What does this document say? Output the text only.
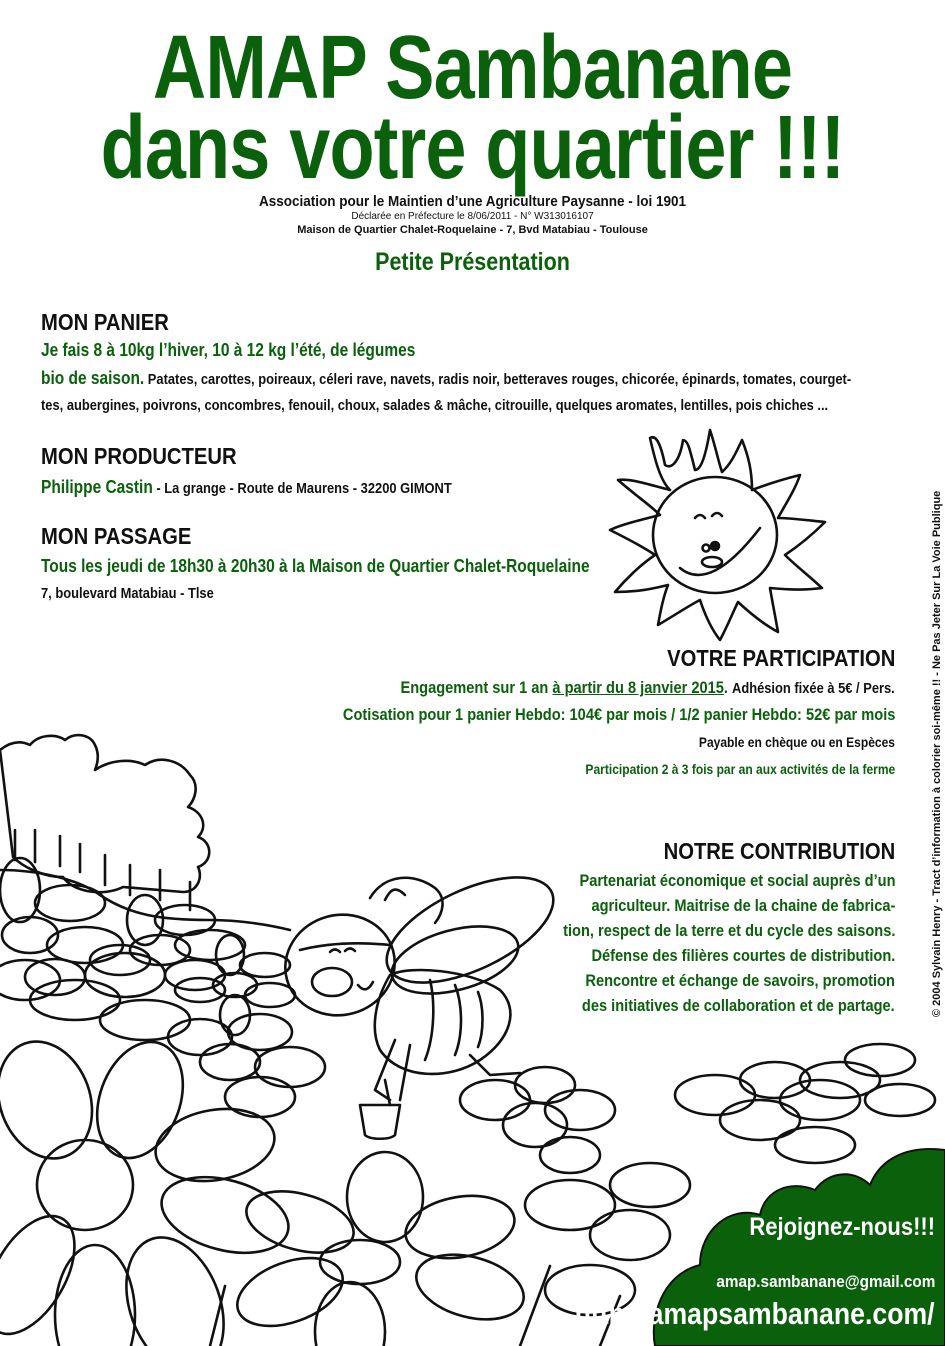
AMAP Sambanane
dans votre quartier !!!
Association pour le Maintien d’une Agriculture Paysanne - loi 1901
Déclarée en Préfecture le 8/06/2011 - N° W313016107
Maison de Quartier Chalet-Roquelaine - 7, Bvd Matabiau - Toulouse
Petite Présentation
MON PANIER
Je fais 8 à 10kg l’hiver, 10 à 12 kg l’été, de légumes
bio de saison. Patates, carottes, poireaux, céleri rave, navets, radis noir, betteraves rouges, chicorée, épinards, tomates, courget-
tes, aubergines, poivrons, concombres, fenouil, choux, salades & mâche, citrouille, quelques aromates, lentilles, pois chiches ...
MON PRODUCTEUR
Philippe Castin - La grange - Route de Maurens - 32200 GIMONT
MON PASSAGE
Tous les jeudi de 18h30 à 20h30 à la Maison de Quartier Chalet-Roquelaine
7, boulevard Matabiau - Tlse
VOTRE PARTICIPATION
Engagement sur 1 an à partir du 8 janvier 2015. Adhésion fixée à 5€ / Pers.
Cotisation pour 1 panier Hebdo: 104€ par mois / 1/2 panier Hebdo: 52€ par mois
Payable en chèque ou en Espèces
Participation 2 à 3 fois par an aux activités de la ferme
NOTRE CONTRIBUTION
Partenariat économique et social auprès d’un
agriculteur. Maitrise de la chaine de fabrica-
tion, respect de la terre et du cycle des saisons.
Défense des filières courtes de distribution.
Rencontre et échange de savoirs, promotion
des initiatives de collaboration et de partage.	© 2004 Sylvain Henry - Tract d’information à colorier soi-même !! - Ne Pas Jeter Sur La Voie Publique
Rejoignez-nous!!!
amap.sambanane@gmail.com
http://amapsambanane.com/
